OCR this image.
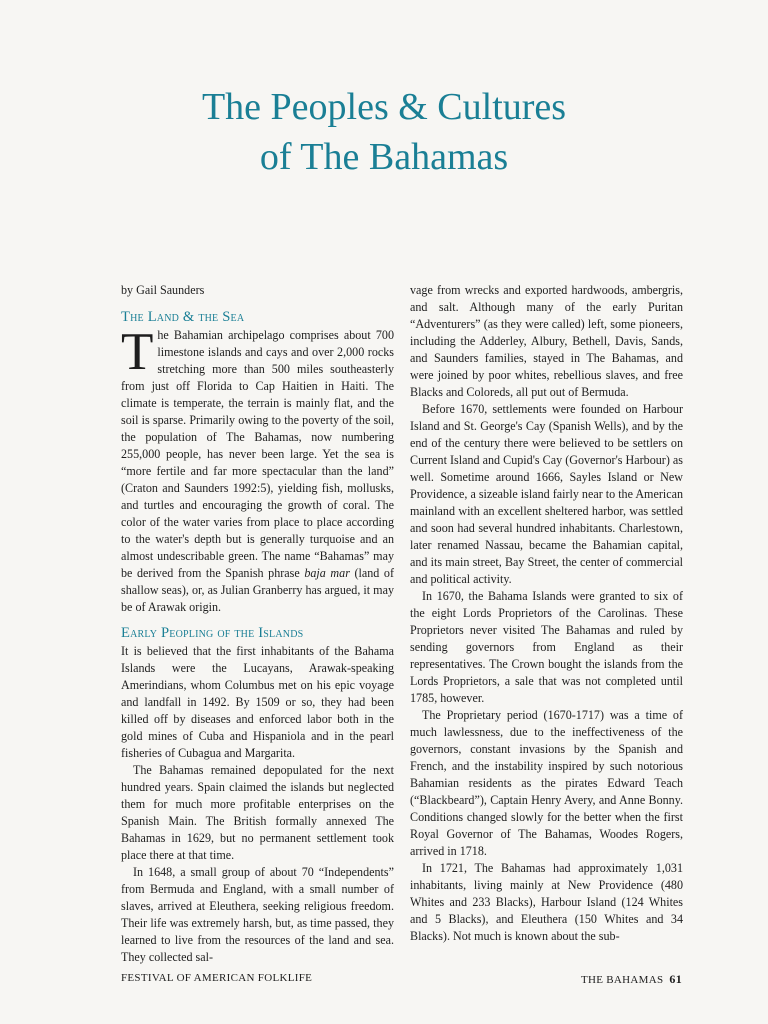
The Peoples & Cultures
of The Bahamas

by Gail Saunders

The Land & the Sea

The Bahamian archipelago comprises about 700 limestone islands and cays and over 2,000 rocks stretching more than 500 miles southeasterly from just off Florida to Cap Haitien in Haiti. The climate is temperate, the terrain is mainly flat, and the soil is sparse. Primarily owing to the poverty of the soil, the population of The Bahamas, now numbering 255,000 people, has never been large. Yet the sea is “more fertile and far more spectacular than the land” (Craton and Saunders 1992:5), yielding fish, mollusks, and turtles and encouraging the growth of coral. The color of the water varies from place to place according to the water's depth but is generally turquoise and an almost undescribable green. The name “Bahamas” may be derived from the Spanish phrase baja mar (land of shallow seas), or, as Julian Granberry has argued, it may be of Arawak origin.

Early Peopling of the Islands

It is believed that the first inhabitants of the Bahama Islands were the Lucayans, Arawak-speaking Amerindians, whom Columbus met on his epic voyage and landfall in 1492. By 1509 or so, they had been killed off by diseases and enforced labor both in the gold mines of Cuba and Hispaniola and in the pearl fisheries of Cubagua and Margarita.

The Bahamas remained depopulated for the next hundred years. Spain claimed the islands but neglected them for much more profitable enterprises on the Spanish Main. The British formally annexed The Bahamas in 1629, but no permanent settlement took place there at that time.

In 1648, a small group of about 70 “Independents” from Bermuda and England, with a small number of slaves, arrived at Eleuthera, seeking religious freedom. Their life was extremely harsh, but, as time passed, they learned to live from the resources of the land and sea. They collected sal-

vage from wrecks and exported hardwoods, ambergris, and salt. Although many of the early Puritan “Adventurers” (as they were called) left, some pioneers, including the Adderley, Albury, Bethell, Davis, Sands, and Saunders families, stayed in The Bahamas, and were joined by poor whites, rebellious slaves, and free Blacks and Coloreds, all put out of Bermuda.

Before 1670, settlements were founded on Harbour Island and St. George's Cay (Spanish Wells), and by the end of the century there were believed to be settlers on Current Island and Cupid's Cay (Governor's Harbour) as well. Sometime around 1666, Sayles Island or New Providence, a sizeable island fairly near to the American mainland with an excellent sheltered harbor, was settled and soon had several hundred inhabitants. Charlestown, later renamed Nassau, became the Bahamian capital, and its main street, Bay Street, the center of commercial and political activity.

In 1670, the Bahama Islands were granted to six of the eight Lords Proprietors of the Carolinas. These Proprietors never visited The Bahamas and ruled by sending governors from England as their representatives. The Crown bought the islands from the Lords Proprietors, a sale that was not completed until 1785, however.

The Proprietary period (1670-1717) was a time of much lawlessness, due to the ineffectiveness of the governors, constant invasions by the Spanish and French, and the instability inspired by such notorious Bahamian residents as the pirates Edward Teach (“Blackbeard”), Captain Henry Avery, and Anne Bonny. Conditions changed slowly for the better when the first Royal Governor of The Bahamas, Woodes Rogers, arrived in 1718.

In 1721, The Bahamas had approximately 1,031 inhabitants, living mainly at New Providence (480 Whites and 233 Blacks), Harbour Island (124 Whites and 5 Blacks), and Eleuthera (150 Whites and 34 Blacks). Not much is known about the sub-

FESTIVAL OF AMERICAN FOLKLIFE	THE BAHAMAS 61
